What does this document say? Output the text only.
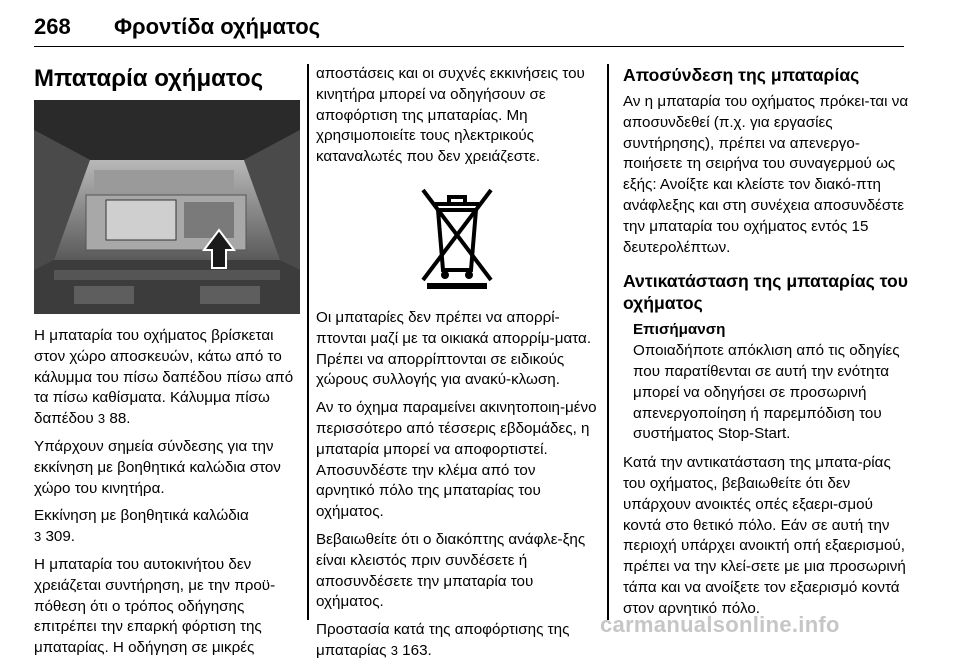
268 Φροντίδα οχήματος
Μπαταρία οχήματος

Η μπαταρία του οχήματος βρίσκεται στον χώρο αποσκευών, κάτω από το κάλυμμα του πίσω δαπέδου πίσω από τα πίσω καθίσματα. Κάλυμμα πίσω δαπέδου 3 88.

Υπάρχουν σημεία σύνδεσης για την εκκίνηση με βοηθητικά καλώδια στον χώρο του κινητήρα.

Εκκίνηση με βοηθητικά καλώδια
3 309.

Η μπαταρία του αυτοκινήτου δεν χρειάζεται συντήρηση, με την προϋ‐πόθεση ότι ο τρόπος οδήγησης επιτρέπει την επαρκή φόρτιση της μπαταρίας. Η οδήγηση σε μικρές

αποστάσεις και οι συχνές εκκινήσεις του κινητήρα μπορεί να οδηγήσουν σε αποφόρτιση της μπαταρίας. Μη χρησιμοποιείτε τους ηλεκτρικούς καταναλωτές που δεν χρειάζεστε.

Οι μπαταρίες δεν πρέπει να απορρί‐πτονται μαζί με τα οικιακά απορρίμ‐ματα. Πρέπει να απορρίπτονται σε ειδικούς χώρους συλλογής για ανακύ‐κλωση.

Αν το όχημα παραμείνει ακινητοποιη‐μένο περισσότερο από τέσσερις εβδομάδες, η μπαταρία μπορεί να αποφορτιστεί. Αποσυνδέστε την κλέμα από τον αρνητικό πόλο της μπαταρίας του οχήματος.

Βεβαιωθείτε ότι ο διακόπτης ανάφλε‐ξης είναι κλειστός πριν συνδέσετε ή αποσυνδέσετε την μπαταρία του οχήματος.

Προστασία κατά της αποφόρτισης της μπαταρίας 3 163.

Αποσύνδεση της μπαταρίας

Αν η μπαταρία του οχήματος πρόκει‐ται να αποσυνδεθεί (π.χ. για εργασίες συντήρησης), πρέπει να απενεργο‐ποιήσετε τη σειρήνα του συναγερμού ως εξής: Ανοίξτε και κλείστε τον διακό‐πτη ανάφλεξης και στη συνέχεια αποσυνδέστε την μπαταρία του οχήματος εντός 15 δευτερολέπτων.

Αντικατάσταση της μπαταρίας του οχήματος
Επισήμανση
Οποιαδήποτε απόκλιση από τις οδηγίες που παρατίθενται σε αυτή την ενότητα μπορεί να οδηγήσει σε προσωρινή απενεργοποίηση ή παρεμπόδιση του συστήματος Stop-Start.

Κατά την αντικατάσταση της μπατα‐ρίας του οχήματος, βεβαιωθείτε ότι δεν υπάρχουν ανοικτές οπές εξαερι‐σμού κοντά στο θετικό πόλο. Εάν σε αυτή την περιοχή υπάρχει ανοικτή οπή εξαερισμού, πρέπει να την κλεί‐σετε με μια προσωρινή τάπα και να ανοίξετε τον εξαερισμό κοντά στον αρνητικό πόλο.

carmanualsonline.info
